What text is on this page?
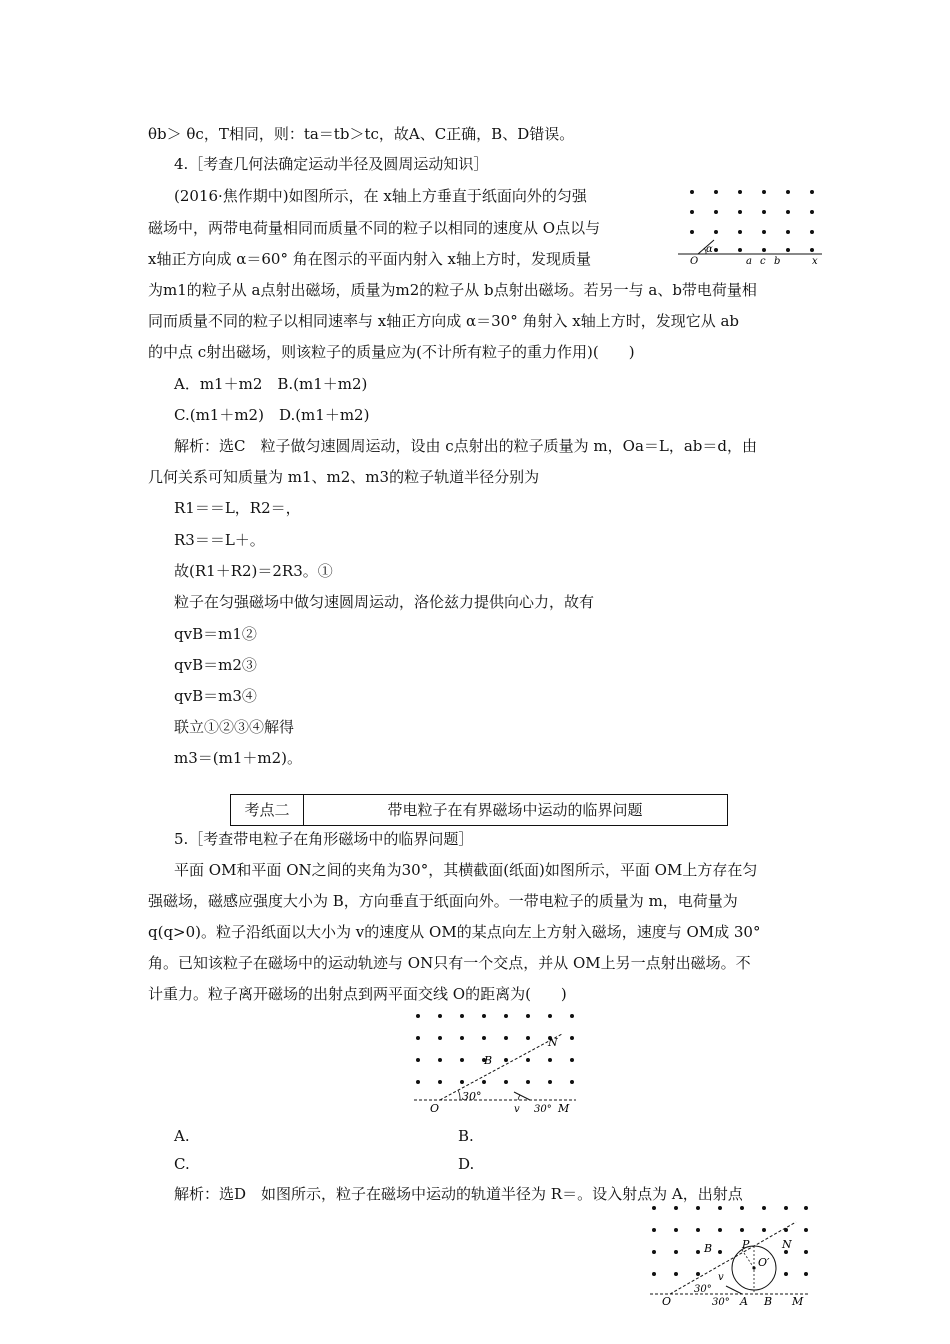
θb＞ θc，T相同，则：ta＝tb＞tc，故A、C正确，B、D错误。
4.［考查几何法确定运动半径及圆周运动知识］
(2016·焦作期中)如图所示，在 x轴上方垂直于纸面向外的匀强
磁场中，两带电荷量相同而质量不同的粒子以相同的速度从 O点以与
x轴正方向成 α＝60° 角在图示的平面内射入 x轴上方时，发现质量
为m1的粒子从 a点射出磁场，质量为m2的粒子从 b点射出磁场。若另一与 a、b带电荷量相
同而质量不同的粒子以相同速率与 x轴正方向成 α＝30° 角射入 x轴上方时，发现它从 ab
的中点 c射出磁场，则该粒子的质量应为(不计所有粒子的重力作用)(　　)
A．m1＋m2　B.(m1＋m2)
C.(m1＋m2)　D.(m1＋m2)
解析：选C　粒子做匀速圆周运动，设由 c点射出的粒子质量为 m，Oa＝L，ab＝d，由
几何关系可知质量为 m1、m2、m3的粒子轨道半径分别为
R1＝＝L，R2＝，
R3＝＝L＋。
故(R1＋R2)＝2R3。①
粒子在匀强磁场中做匀速圆周运动，洛伦兹力提供向心力，故有
qvB＝m1②
qvB＝m2③
qvB＝m3④
联立①②③④解得
m3＝(m1＋m2)。
考点二	带电粒子在有界磁场中运动的临界问题
5.［考查带电粒子在角形磁场中的临界问题］
平面 OM和平面 ON之间的夹角为30°，其横截面(纸面)如图所示，平面 OM上方存在匀
强磁场，磁感应强度大小为 B，方向垂直于纸面向外。一带电粒子的质量为 m，电荷量为
q(q>0)。粒子沿纸面以大小为 v的速度从 OM的某点向左上方射入磁场，速度与 OM成 30°
角。已知该粒子在磁场中的运动轨迹与 ON只有一个交点，并从 OM上另一点射出磁场。不
计重力。粒子离开磁场的出射点到两平面交线 O的距离为(　　)
A.	B.
C.	D.
解析：选D　如图所示，粒子在磁场中运动的轨道半径为 R＝。设入射点为 A，出射点
O
α
a c b	x
B
N
O
30°
v 30° M
B	P	N
O′
v
30°
O	30° A B M
